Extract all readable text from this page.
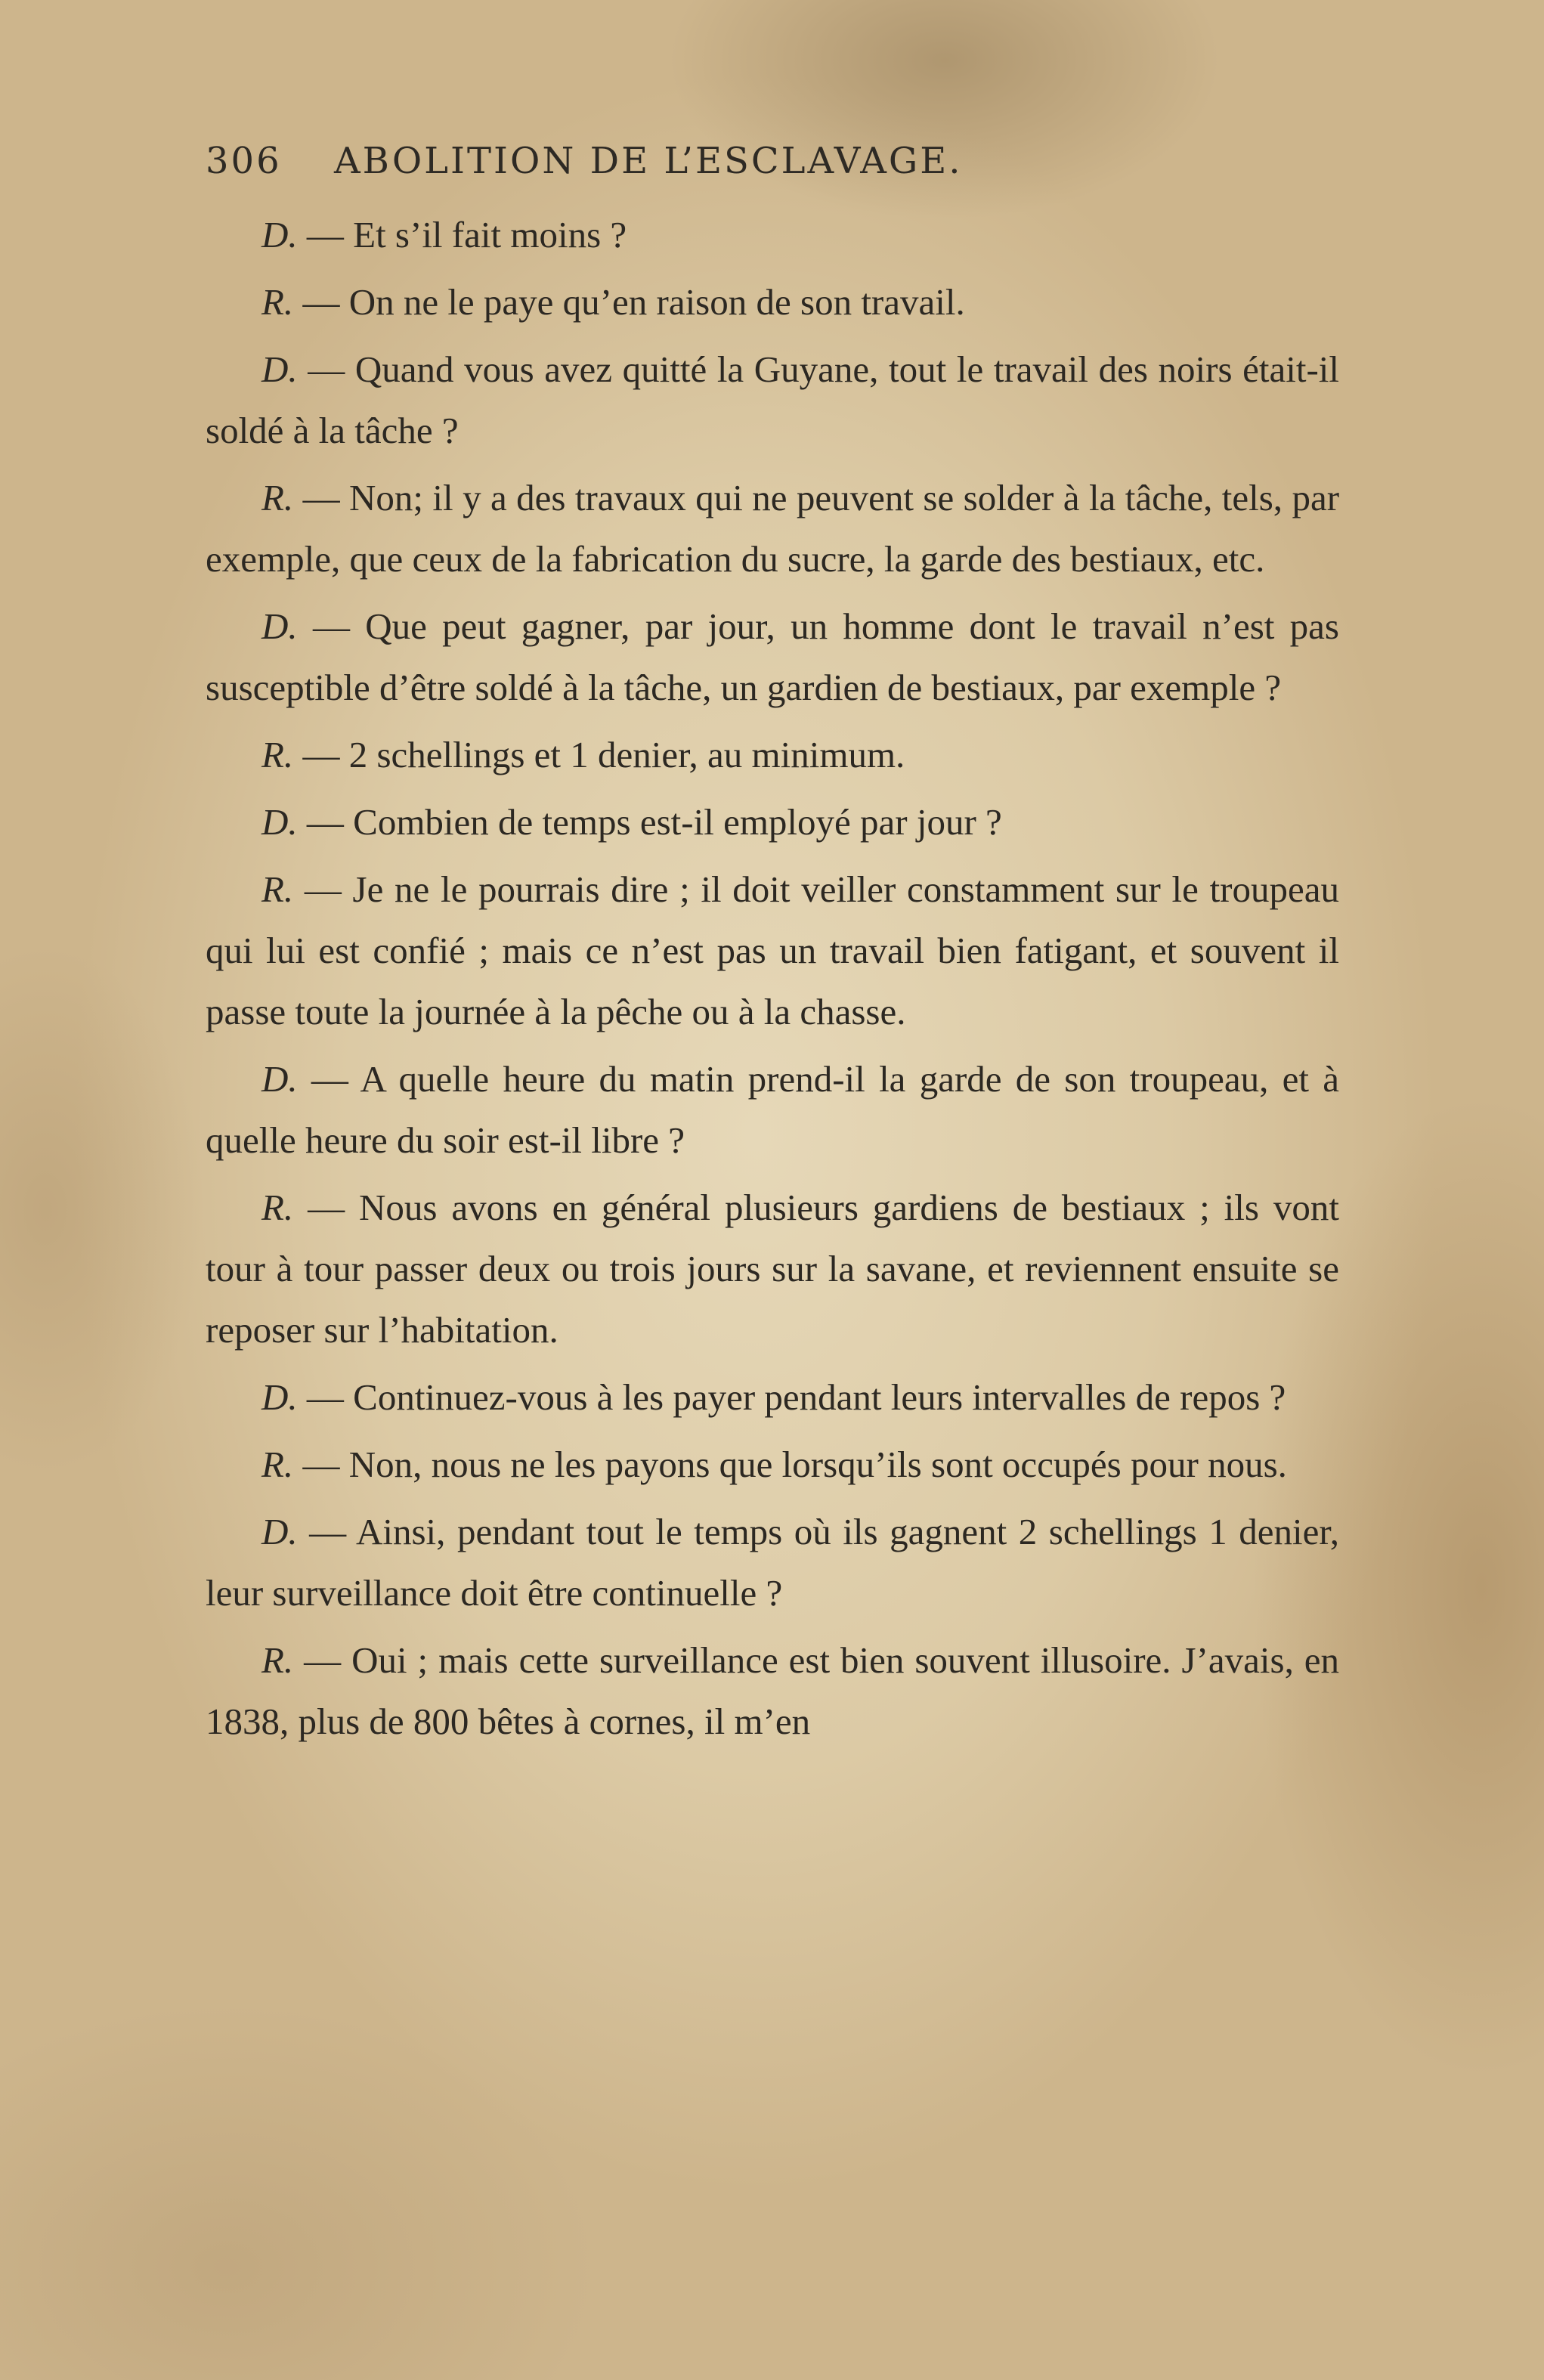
306 ABOLITION DE L’ESCLAVAGE.

D. — Et s’il fait moins ?

R. — On ne le paye qu’en raison de son travail.

D. — Quand vous avez quitté la Guyane, tout le travail des noirs était-il soldé à la tâche ?

R. — Non; il y a des travaux qui ne peuvent se solder à la tâche, tels, par exemple, que ceux de la fabrication du sucre, la garde des bestiaux, etc.

D. — Que peut gagner, par jour, un homme dont le travail n’est pas susceptible d’être soldé à la tâche, un gardien de bestiaux, par exemple ?

R. — 2 schellings et 1 denier, au minimum.

D. — Combien de temps est-il employé par jour ?

R. — Je ne le pourrais dire ; il doit veiller constamment sur le troupeau qui lui est confié ; mais ce n’est pas un travail bien fatigant, et souvent il passe toute la journée à la pêche ou à la chasse.

D. — A quelle heure du matin prend-il la garde de son troupeau, et à quelle heure du soir est-il libre ?

R. — Nous avons en général plusieurs gardiens de bestiaux ; ils vont tour à tour passer deux ou trois jours sur la savane, et reviennent ensuite se reposer sur l’habitation.

D. — Continuez-vous à les payer pendant leurs intervalles de repos ?

R. — Non, nous ne les payons que lorsqu’ils sont occupés pour nous.

D. — Ainsi, pendant tout le temps où ils gagnent 2 schellings 1 denier, leur surveillance doit être continuelle ?

R. — Oui ; mais cette surveillance est bien souvent illusoire. J’avais, en 1838, plus de 800 bêtes à cornes, il m’en
